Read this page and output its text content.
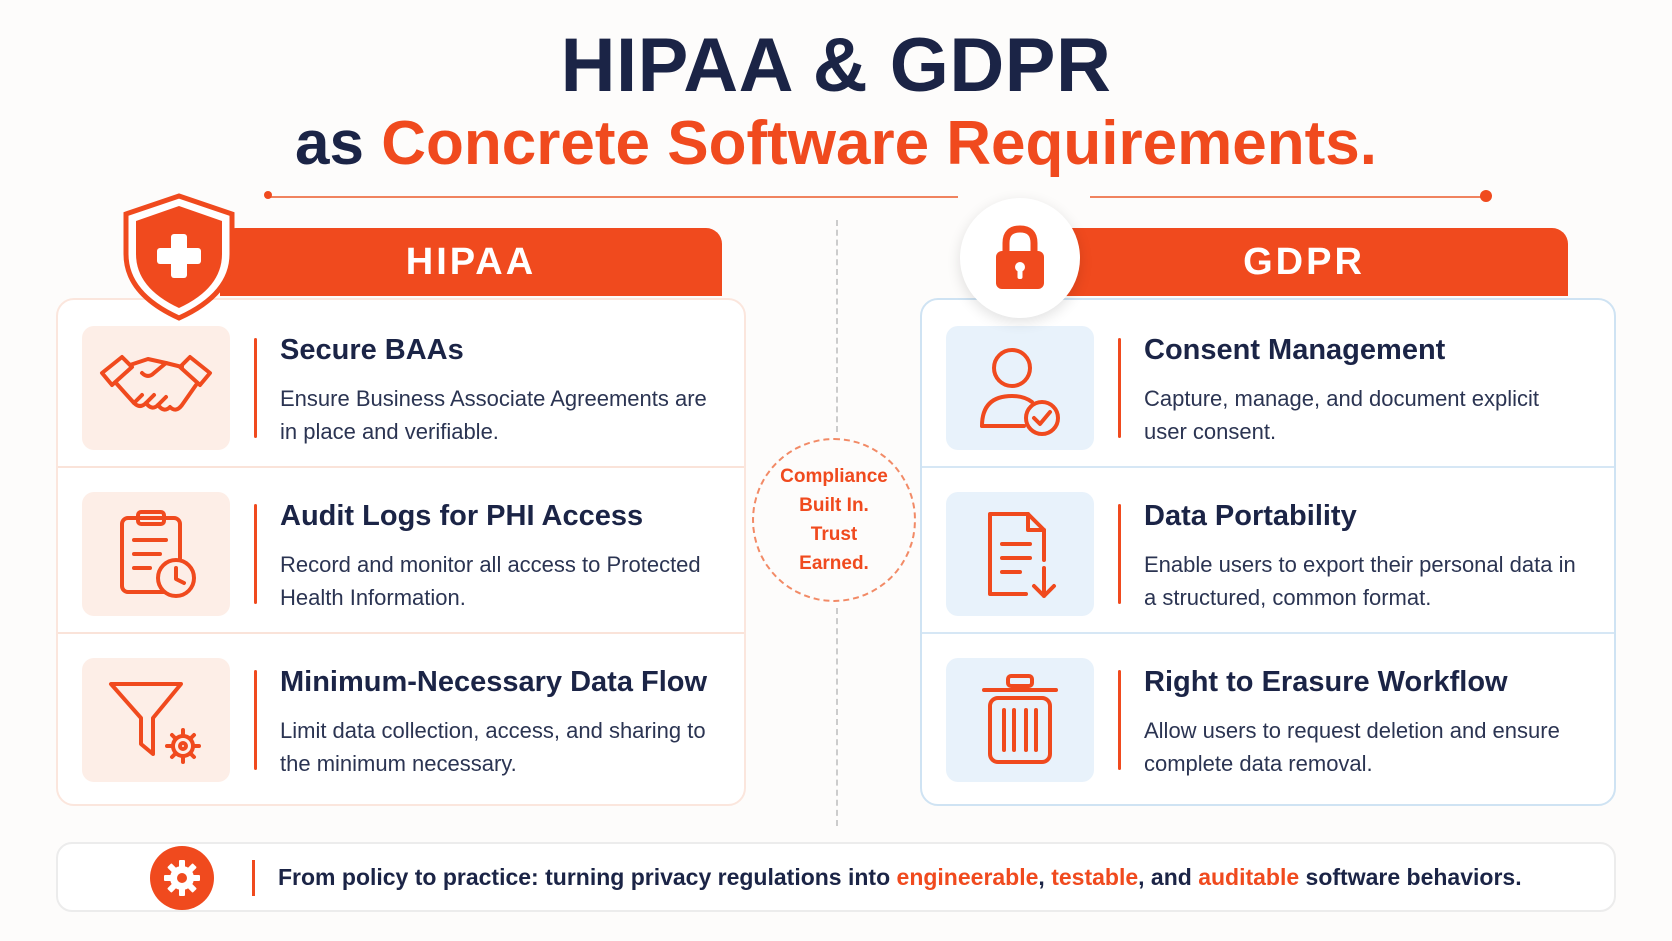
HIPAA & GDPR
as Concrete Software Requirements.
HIPAA
Secure BAAs
Ensure Business Associate Agreements are in place and verifiable.
Audit Logs for PHI Access
Record and monitor all access to Protected Health Information.
Minimum-Necessary Data Flow
Limit data collection, access, and sharing to the minimum necessary.
GDPR
Consent Management
Capture, manage, and document explicit user consent.
Data Portability
Enable users to export their personal data in a structured, common format.
Right to Erasure Workflow
Allow users to request deletion and ensure complete data removal.
Compliance
Built In.
Trust
Earned.
From policy to practice: turning privacy regulations into engineerable, testable, and auditable software behaviors.
